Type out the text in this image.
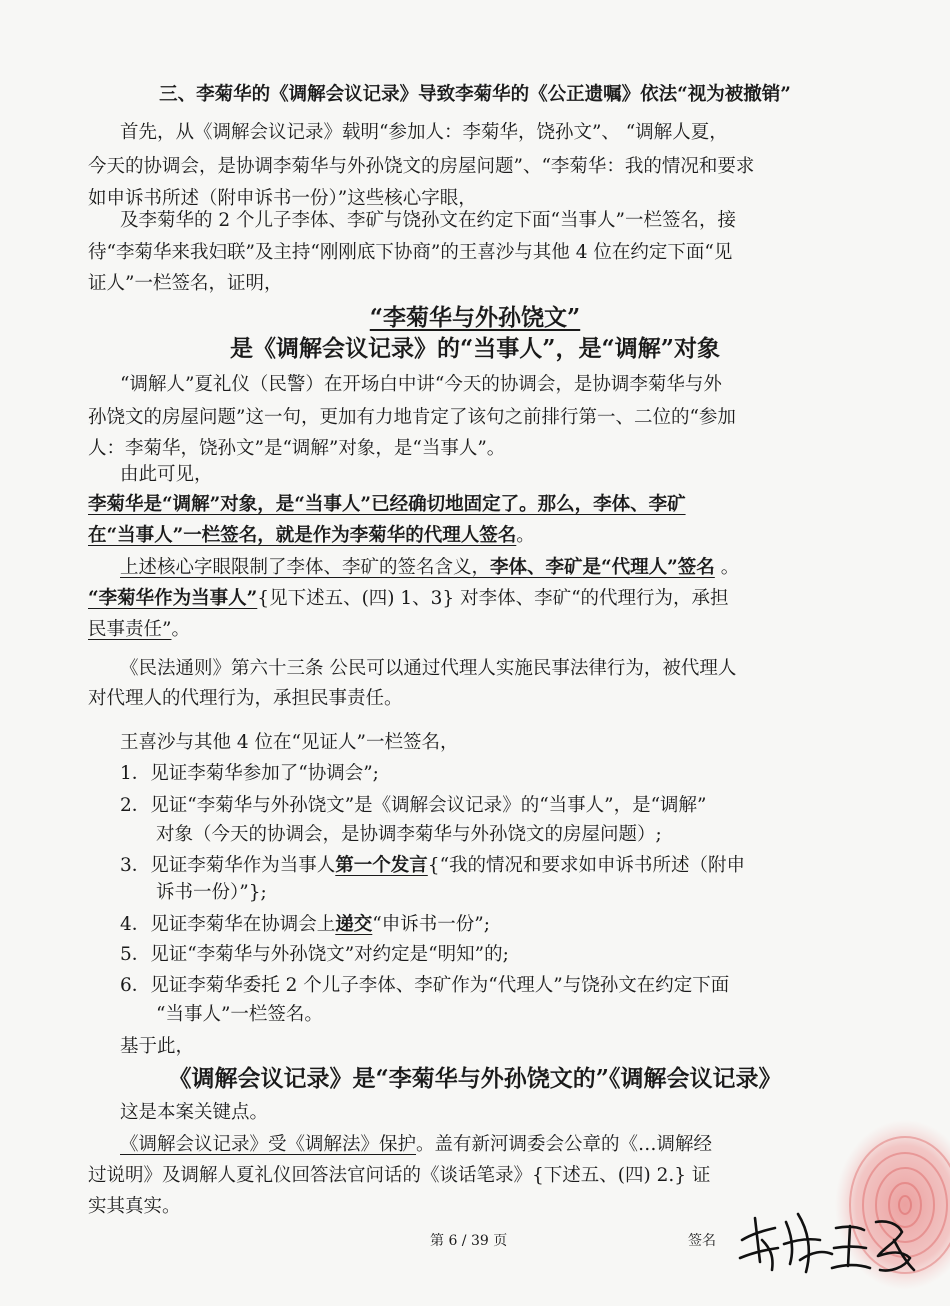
三、李菊华的《调解会议记录》导致李菊华的《公正遗嘱》依法“视为被撤销”
首先，从《调解会议记录》载明“参加人：李菊华，饶孙文”、 “调解人夏，
今天的协调会，是协调李菊华与外孙饶文的房屋问题”、“李菊华：我的情况和要求
如申诉书所述（附申诉书一份）”这些核心字眼，
及李菊华的 2 个儿子李体、李矿与饶孙文在约定下面“当事人”一栏签名，接
待“李菊华来我妇联”及主持“刚刚底下协商”的王喜沙与其他 4 位在约定下面“见
证人”一栏签名，证明，
“李菊华与外孙饶文”
是《调解会议记录》的“当事人”，是“调解”对象
“调解人”夏礼仪（民警）在开场白中讲“今天的协调会，是协调李菊华与外
孙饶文的房屋问题”这一句，更加有力地肯定了该句之前排行第一、二位的“参加
人：李菊华，饶孙文”是“调解”对象，是“当事人”。
由此可见，
李菊华是“调解”对象，是“当事人”已经确切地固定了。那么，李体、李矿
在“当事人”一栏签名，就是作为李菊华的代理人签名。
上述核心字眼限制了李体、李矿的签名含义，李体、李矿是“代理人”签名 。
“李菊华作为当事人”{见下述五、(四) 1、3} 对李体、李矿“的代理行为，承担
民事责任”。
《民法通则》第六十三条 公民可以通过代理人实施民事法律行为，被代理人
对代理人的代理行为，承担民事责任。
王喜沙与其他 4 位在“见证人”一栏签名，
1．见证李菊华参加了“协调会”;
2．见证“李菊华与外孙饶文”是《调解会议记录》的“当事人”，是“调解”
对象（今天的协调会，是协调李菊华与外孙饶文的房屋问题）;
3．见证李菊华作为当事人第一个发言{“我的情况和要求如申诉书所述（附申
诉书一份）”};
4．见证李菊华在协调会上递交“申诉书一份”;
5．见证“李菊华与外孙饶文”对约定是“明知”的;
6．见证李菊华委托 2 个儿子李体、李矿作为“代理人”与饶孙文在约定下面
“当事人”一栏签名。
基于此，
《调解会议记录》是“李菊华与外孙饶文的”《调解会议记录》
这是本案关键点。
《调解会议记录》受《调解法》保护。盖有新河调委会公章的《…调解经
过说明》及调解人夏礼仪回答法官问话的《谈话笔录》{下述五、(四) 2.} 证
实其真实。
第 6 / 39 页	签名
